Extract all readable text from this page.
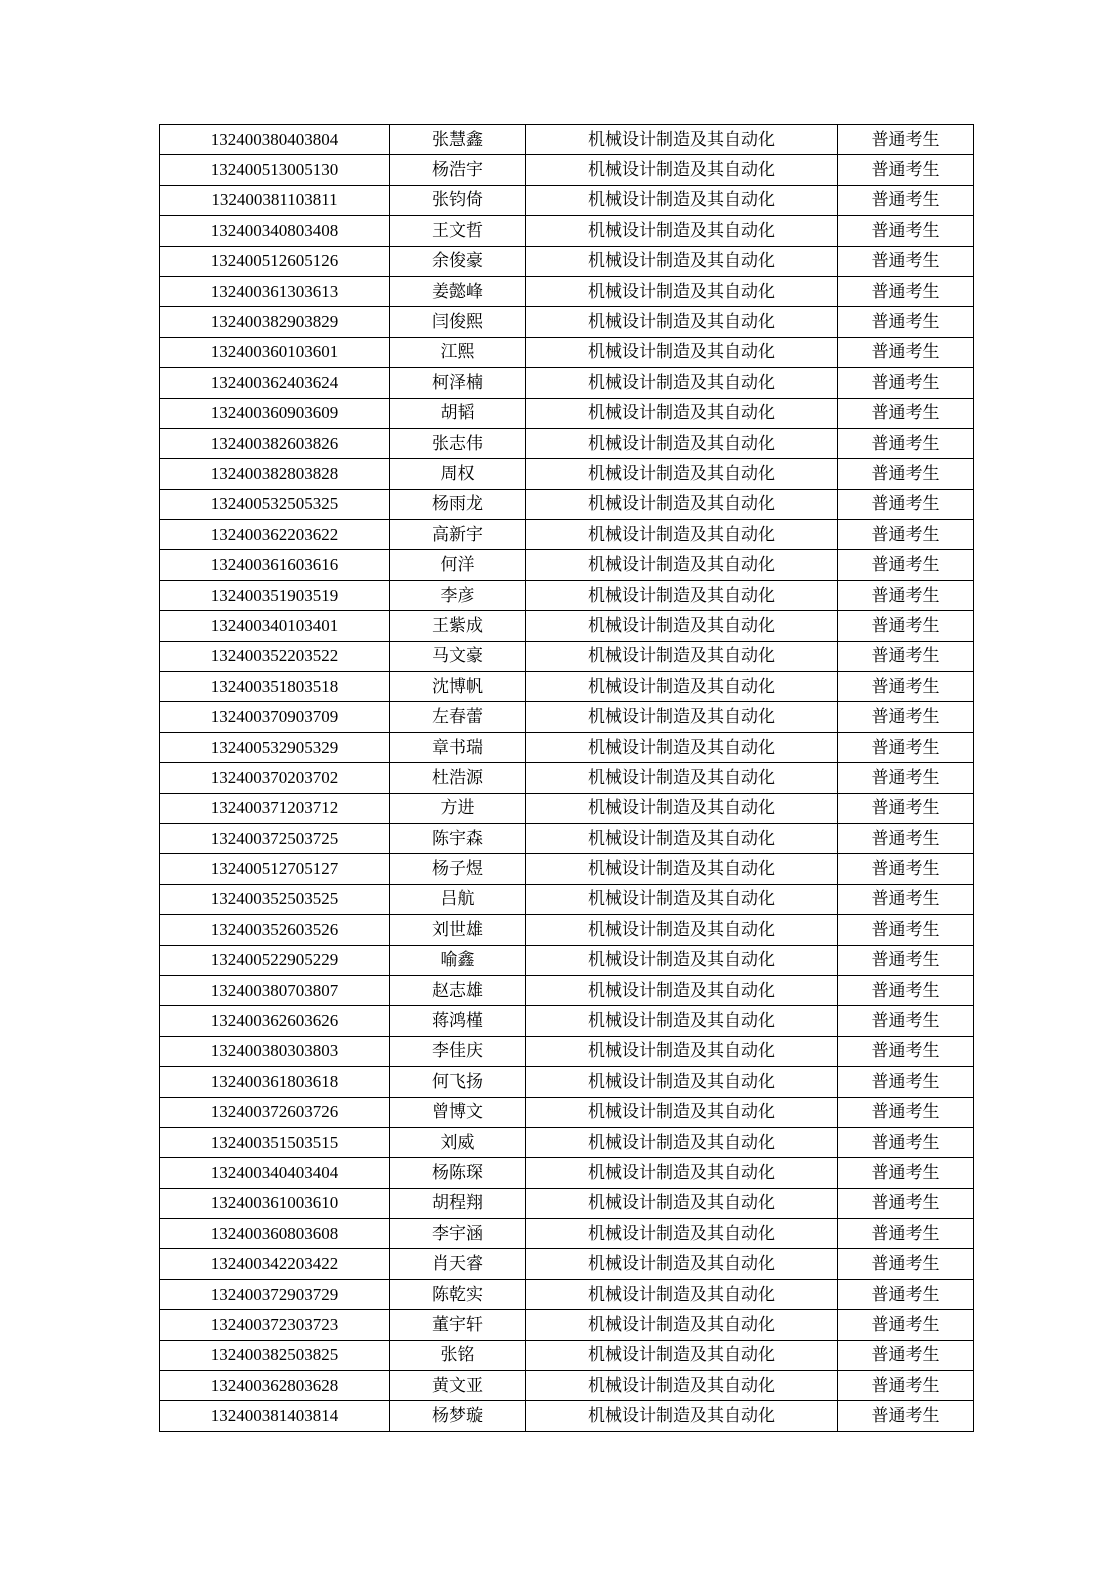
132400380403804	张慧鑫	机械设计制造及其自动化	普通考生
132400513005130	杨浩宇	机械设计制造及其自动化	普通考生
132400381103811	张钧倚	机械设计制造及其自动化	普通考生
132400340803408	王文哲	机械设计制造及其自动化	普通考生
132400512605126	余俊豪	机械设计制造及其自动化	普通考生
132400361303613	姜懿峰	机械设计制造及其自动化	普通考生
132400382903829	闫俊熙	机械设计制造及其自动化	普通考生
132400360103601	江熙	机械设计制造及其自动化	普通考生
132400362403624	柯泽楠	机械设计制造及其自动化	普通考生
132400360903609	胡韬	机械设计制造及其自动化	普通考生
132400382603826	张志伟	机械设计制造及其自动化	普通考生
132400382803828	周权	机械设计制造及其自动化	普通考生
132400532505325	杨雨龙	机械设计制造及其自动化	普通考生
132400362203622	高新宇	机械设计制造及其自动化	普通考生
132400361603616	何洋	机械设计制造及其自动化	普通考生
132400351903519	李彦	机械设计制造及其自动化	普通考生
132400340103401	王紫成	机械设计制造及其自动化	普通考生
132400352203522	马文豪	机械设计制造及其自动化	普通考生
132400351803518	沈博帆	机械设计制造及其自动化	普通考生
132400370903709	左春蕾	机械设计制造及其自动化	普通考生
132400532905329	章书瑞	机械设计制造及其自动化	普通考生
132400370203702	杜浩源	机械设计制造及其自动化	普通考生
132400371203712	方进	机械设计制造及其自动化	普通考生
132400372503725	陈宇森	机械设计制造及其自动化	普通考生
132400512705127	杨子煜	机械设计制造及其自动化	普通考生
132400352503525	吕航	机械设计制造及其自动化	普通考生
132400352603526	刘世雄	机械设计制造及其自动化	普通考生
132400522905229	喻鑫	机械设计制造及其自动化	普通考生
132400380703807	赵志雄	机械设计制造及其自动化	普通考生
132400362603626	蒋鸿槿	机械设计制造及其自动化	普通考生
132400380303803	李佳庆	机械设计制造及其自动化	普通考生
132400361803618	何飞扬	机械设计制造及其自动化	普通考生
132400372603726	曾博文	机械设计制造及其自动化	普通考生
132400351503515	刘威	机械设计制造及其自动化	普通考生
132400340403404	杨陈琛	机械设计制造及其自动化	普通考生
132400361003610	胡程翔	机械设计制造及其自动化	普通考生
132400360803608	李宇涵	机械设计制造及其自动化	普通考生
132400342203422	肖天睿	机械设计制造及其自动化	普通考生
132400372903729	陈乾实	机械设计制造及其自动化	普通考生
132400372303723	董宇轩	机械设计制造及其自动化	普通考生
132400382503825	张铭	机械设计制造及其自动化	普通考生
132400362803628	黄文亚	机械设计制造及其自动化	普通考生
132400381403814	杨梦璇	机械设计制造及其自动化	普通考生
